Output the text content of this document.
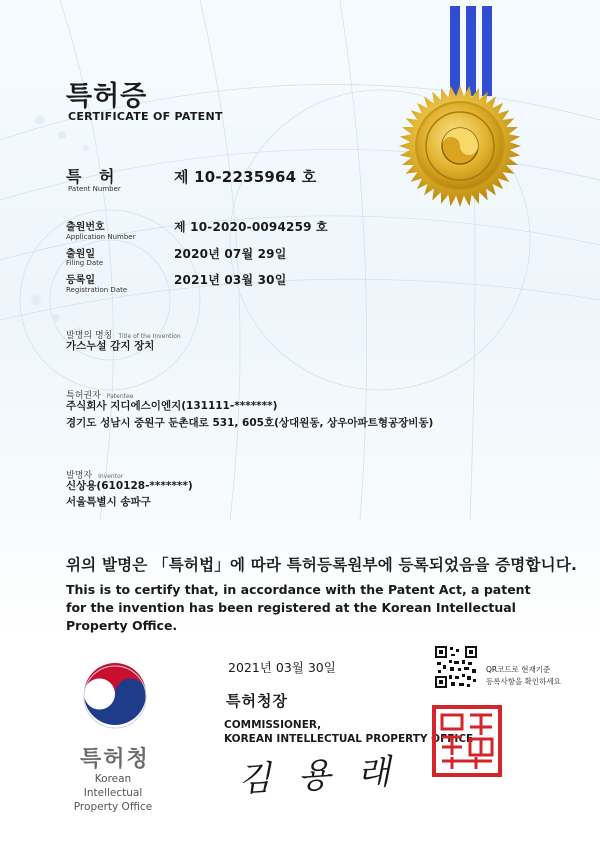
특허증
CERTIFICATE OF PATENT
특 허
Patent Number
제 10-2235964 호
출원번호
Application Number
제 10-2020-0094259 호
출원일
Filing Date
2020년 07월 29일
등록일
Registration Date
2021년 03월 30일
발명의 명칭 Title of the Invention
가스누설 감지 장치
특허권자 Patentee
주식회사 지디에스이엔지(131111-*******)
경기도 성남시 중원구 둔촌대로 531, 605호(상대원동, 상우아파트형공장비동)
발명자 Inventor
신상용(610128-*******)
서울특별시 송파구
위의 발명은 「특허법」에 따라 특허등록원부에 등록되었음을 증명합니다.
This is to certify that, in accordance with the Patent Act, a patent for the invention has been registered at the Korean Intellectual Property Office.
특허청
Korean Intellectual
Property Office
2021년 03월 30일
특허청장
COMMISSIONER,
KOREAN INTELLECTUAL PROPERTY OFFICE
김 용 래
QR코드로 현재기준
등록사항을 확인하세요
